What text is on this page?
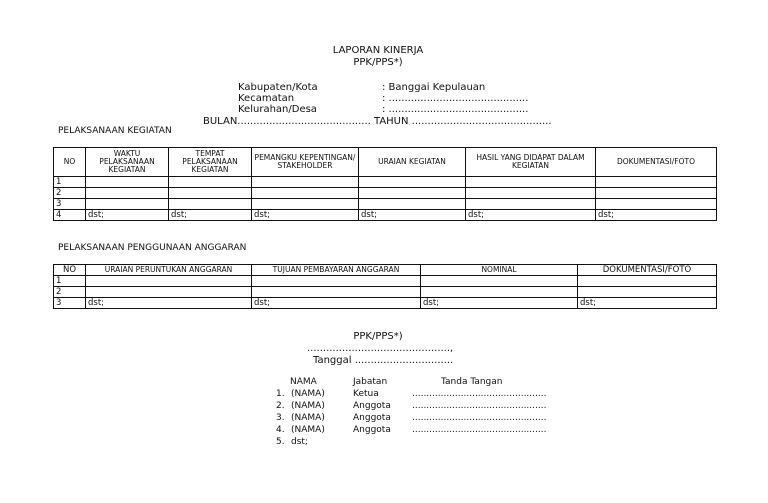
LAPORAN KINERJA
PPK/PPS*)
Kabupaten/Kota	: Banggai Kepulauan
Kecamatan	: ............................................
Kelurahan/Desa	: ............................................
BULAN.......................................... TAHUN ............................................
PELAKSANAAN KEGIATAN
NO	WAKTU PELAKSANAAN KEGIATAN	TEMPAT PELAKSANAAN KEGIATAN	PEMANGKU KEPENTINGAN/ STAKEHOLDER	URAIAN KEGIATAN	HASIL YANG DIDAPAT DALAM KEGIATAN	DOKUMENTASI/FOTO
1						
2						
3						
4	dst;	dst;	dst;	dst;	dst;	dst;
PELAKSANAAN PENGGUNAAN ANGGARAN
NO	URAIAN PERUNTUKAN ANGGARAN	TUJUAN PEMBAYARAN ANGGARAN	NOMINAL	DOKUMENTASI/FOTO
1				
2				
3	dst;	dst;	dst;	dst;
PPK/PPS*)
.............................................,
Tanggal ...............................
NAMA	Jabatan	Tanda Tangan
1. (NAMA)	Ketua	...............................................
2. (NAMA)	Anggota ...............................................
3. (NAMA)	Anggota ...............................................
4. (NAMA)	Anggota ...............................................
5. dst;
